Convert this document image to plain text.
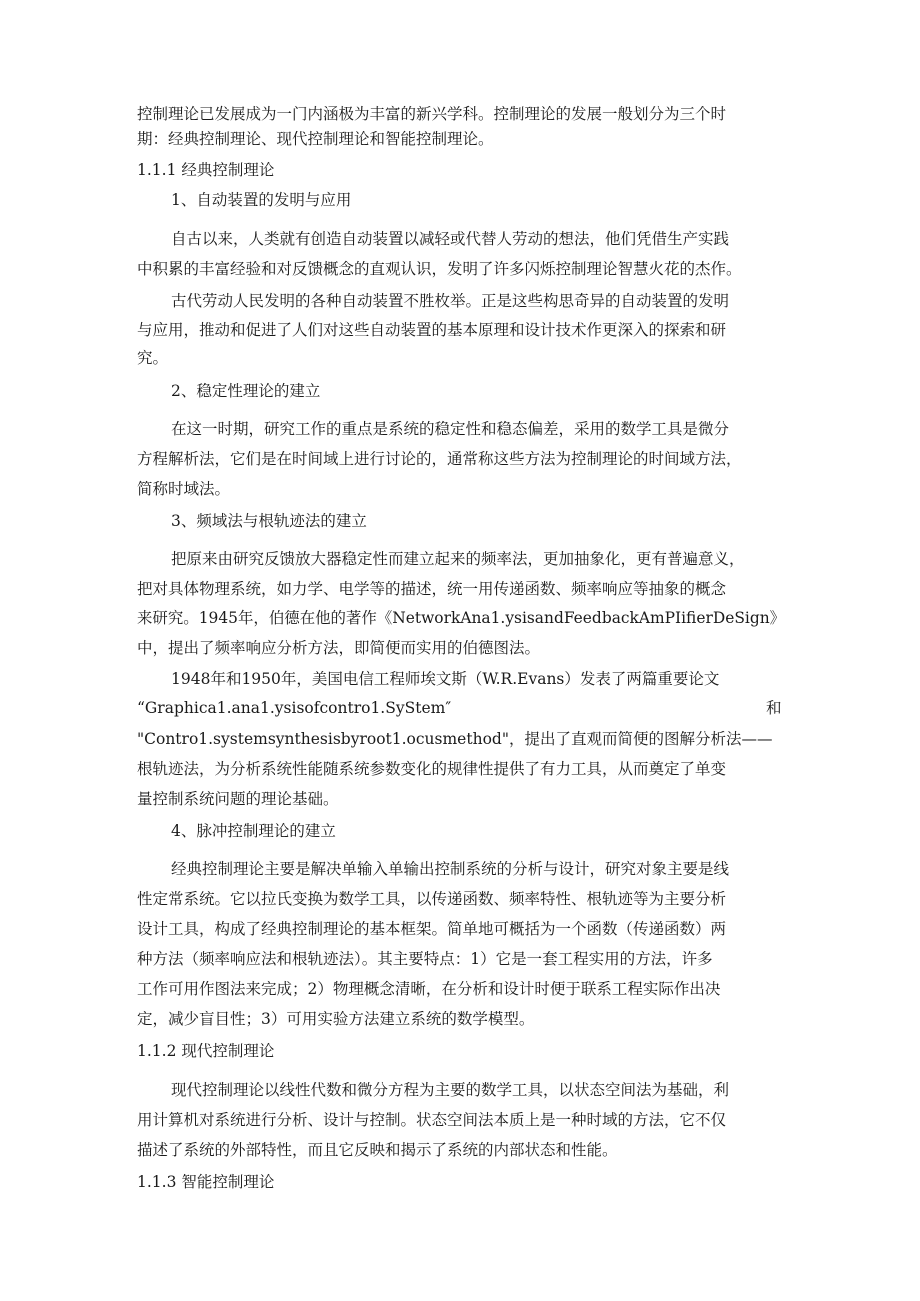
控制理论已发展成为一门内涵极为丰富的新兴学科。控制理论的发展一般划分为三个时
期：经典控制理论、现代控制理论和智能控制理论。
1.1.1 经典控制理论
1、自动装置的发明与应用
自古以来，人类就有创造自动装置以减轻或代替人劳动的想法，他们凭借生产实践
中积累的丰富经验和对反馈概念的直观认识，发明了许多闪烁控制理论智慧火花的杰作。
古代劳动人民发明的各种自动装置不胜枚举。正是这些构思奇异的自动装置的发明
与应用，推动和促进了人们对这些自动装置的基本原理和设计技术作更深入的探索和研
究。
2、稳定性理论的建立
在这一时期，研究工作的重点是系统的稳定性和稳态偏差，采用的数学工具是微分
方程解析法，它们是在时间域上进行讨论的，通常称这些方法为控制理论的时间域方法，
简称时域法。
3、频域法与根轨迹法的建立
把原来由研究反馈放大器稳定性而建立起来的频率法，更加抽象化，更有普遍意义，
把对具体物理系统，如力学、电学等的描述，统一用传递函数、频率响应等抽象的概念
来研究。1945年，伯德在他的著作《NetworkAna1.ysisandFeedbackAmPIifierDeSign》
中，提出了频率响应分析方法，即简便而实用的伯德图法。
1948年和1950年，美国电信工程师埃文斯（W.R.Evans）发表了两篇重要论文
“Graphica1.ana1.ysisofcontro1.SyStem″	和
"Contro1.systemsynthesisbyroot1.ocusmethod"，提出了直观而简便的图解分析法——
根轨迹法，为分析系统性能随系统参数变化的规律性提供了有力工具，从而奠定了单变
量控制系统问题的理论基础。
4、脉冲控制理论的建立
经典控制理论主要是解决单输入单输出控制系统的分析与设计，研究对象主要是线
性定常系统。它以拉氏变换为数学工具，以传递函数、频率特性、根轨迹等为主要分析
设计工具，构成了经典控制理论的基本框架。简单地可概括为一个函数（传递函数）两
种方法（频率响应法和根轨迹法）。其主要特点：1）它是一套工程实用的方法，许多
工作可用作图法来完成；2）物理概念清晰，在分析和设计时便于联系工程实际作出决
定，减少盲目性；3）可用实验方法建立系统的数学模型。
1.1.2 现代控制理论
现代控制理论以线性代数和微分方程为主要的数学工具，以状态空间法为基础，利
用计算机对系统进行分析、设计与控制。状态空间法本质上是一种时域的方法，它不仅
描述了系统的外部特性，而且它反映和揭示了系统的内部状态和性能。
1.1.3 智能控制理论
